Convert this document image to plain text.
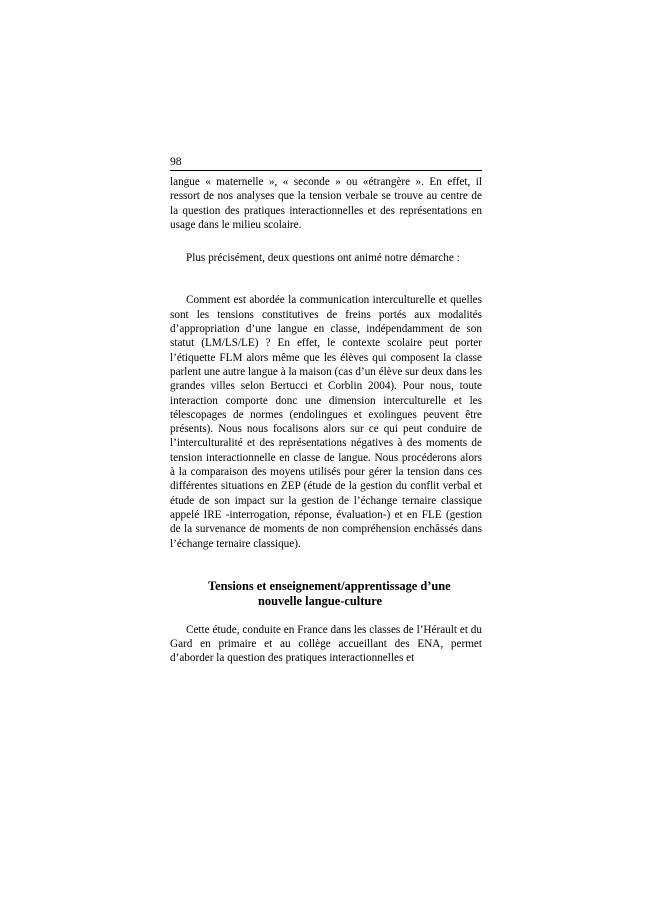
98

langue « maternelle », « seconde » ou «étrangère ». En effet, il ressort de nos analyses que la tension verbale se trouve au centre de la question des pratiques interactionnelles et des représentations en usage dans le milieu scolaire.

Plus précisément, deux questions ont animé notre démarche :

Comment est abordée la communication interculturelle et quelles sont les tensions constitutives de freins portés aux modalités d’appropriation d’une langue en classe, indépendamment de son statut (LM/LS/LE) ? En effet, le contexte scolaire peut porter l’étiquette FLM alors même que les élèves qui composent la classe parlent une autre langue à la maison (cas d’un élève sur deux dans les grandes villes selon Bertucci et Corblin 2004). Pour nous, toute interaction comporte donc une dimension interculturelle et les télescopages de normes (endolingues et exolingues peuvent être présents). Nous nous focalisons alors sur ce qui peut conduire de l’interculturalité et des représentations négatives à des moments de tension interactionnelle en classe de langue. Nous procéderons alors à la comparaison des moyens utilisés pour gérer la tension dans ces différentes situations en ZEP (étude de la gestion du conflit verbal et étude de son impact sur la gestion de l’échange ternaire classique appelé IRE -interrogation, réponse, évaluation-) et en FLE (gestion de la survenance de moments de non compréhension enchâssés dans l’échange ternaire classique).

Tensions et enseignement/apprentissage d’une
nouvelle langue-culture

Cette étude, conduite en France dans les classes de l’Hérault et du Gard en primaire et au collège accueillant des ENA, permet d’aborder la question des pratiques interactionnelles et
